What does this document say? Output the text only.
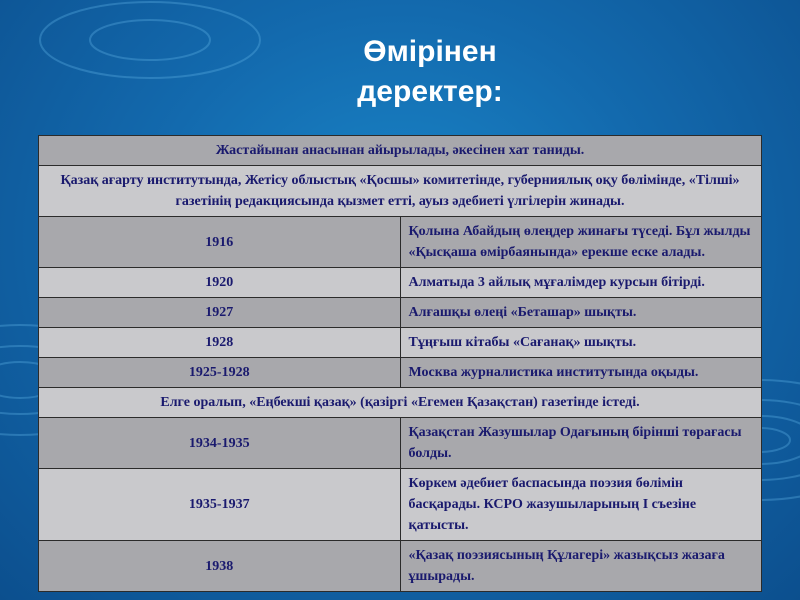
Өмірінен
деректер:
Жастайынан анасынан айырылады, әкесінен хат таниды.	
Қазақ ағарту институтында, Жетісу облыстық «Қосшы» комитетінде, губерниялық оқу бөлімінде, «Тілші» газетінің редакциясында қызмет етті, ауыз әдебиеті үлгілерін жинады.	
1916	Қолына Абайдың өлеңдер жинағы түседі. Бұл жылды «Қысқаша өмірбаянында» ерекше еске алады.
1920	Алматыда 3 айлық мұғалімдер курсын бітірді.
1927	Алғашқы өлеңі «Беташар» шықты.
1928	Тұңғыш кітабы «Сағанақ» шықты.
1925-1928	Москва журналистика институтында оқыды.
Елге оралып, «Еңбекші қазақ» (қазіргі «Егемен Қазақстан) газетінде істеді.	
1934-1935	Қазақстан Жазушылар Одағының бірінші төрағасы болды.
1935-1937	Көркем әдебиет баспасында поэзия бөлімін басқарады. КСРО жазушыларының I съезіне қатысты.
1938	«Қазақ поэзиясының Құлагері» жазықсыз жазаға ұшырады.
